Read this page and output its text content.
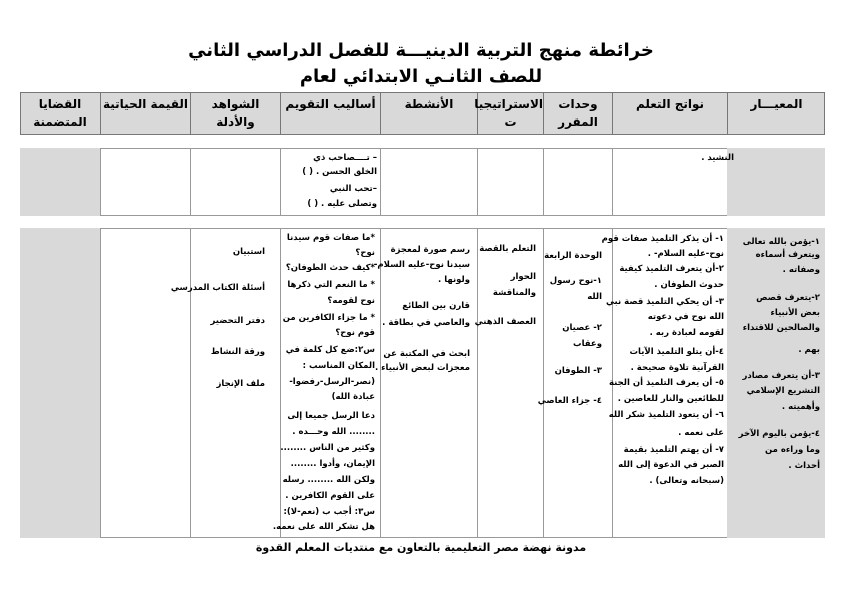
خرائطة منهج التربية الدينيـــة للفصل الدراسي الثاني
للصف الثانـي الابتدائي لعام
المعيـــار
نواتج التعلم
وحدات المقرر
الاستراتيجيا ت
الأنشطة
أساليب التقويم
الشواهد والأدلة
القيمة الحياتية
القضايا المتضمنة
النشيد .
– تــــصاحب ذي
الخلق الحسن . ( )
–تحب النبي
وتصلى عليه . ( )
١-يؤمن بالله تعالى
ويتعرف أسماءه
وصفاته .
٢-يتعرف قصص
بعض الأنبياء
والصالحين للاقتداء
بهم .
٣-أن يتعرف مصادر
التشريع الإسلامي
وأهميته .
٤-يؤمن باليوم الآخر
وما وراءه من
أحداث .
١- أن يذكر التلميذ صفات قوم
نوح-عليه السلام- .
٢-أن يتعرف التلميذ كيفية
حدوث الطوفان .
٣- أن يحكي التلميذ قصة نبي
الله نوح في دعوته
لقومه لعبادة ربه .
٤-أن يتلو التلميذ الآيات
القرآنية تلاوة صحيحة .
٥- أن يعرف التلميذ أن الجنة
للطائعين والنار للعاصين .
٦- أن يتعود التلميذ شكر الله
على نعمه .
٧- أن يهتم التلميذ بقيمة
الصبر في الدعوة إلى الله
(سبحانه وتعالى) .
الوحدة الرابعة
١-نوح رسول
الله
٢- عصيان
وعقاب
٣- الطوفان
٤- جزاء العاصي
التعلم بالقصة
الحوار
والمناقشة
العصف الذهني
رسم صورة لمعجزة
سيدنا نوح-عليه السلام-
ولونها .
قارن بين الطائع
والعاصي في بطاقة .
ابحث في المكتبة عن
معجزات لبعض الأنبياء .
*ما صفات قوم سيدنا
نوح؟
*كيف حدث الطوفان؟
* ما النعم التي ذكرها
نوح لقومه؟
* ما جزاء الكافرين من
قوم نوح؟
س٢:ضع كل كلمة في
المكان المناسب :
(نصر-الرسل-رفضوا-
عبادة الله)
دعا الرسل جميعا إلى
........ الله وحـــده .
وكثير من الناس ........
الإيمان، وأدوا ........
ولكن الله ........ رسله
على القوم الكافرين .
س٣: أجب ب (نعم-لا):
هل تشكر الله على نعمه.
استبيان
أسئلة الكتاب المدرسي
دفتر التحضير
ورقة النشاط
ملف الإنجاز
مدونة نهضة مصر التعليمية بالتعاون مع منتديات المعلم القدوة
